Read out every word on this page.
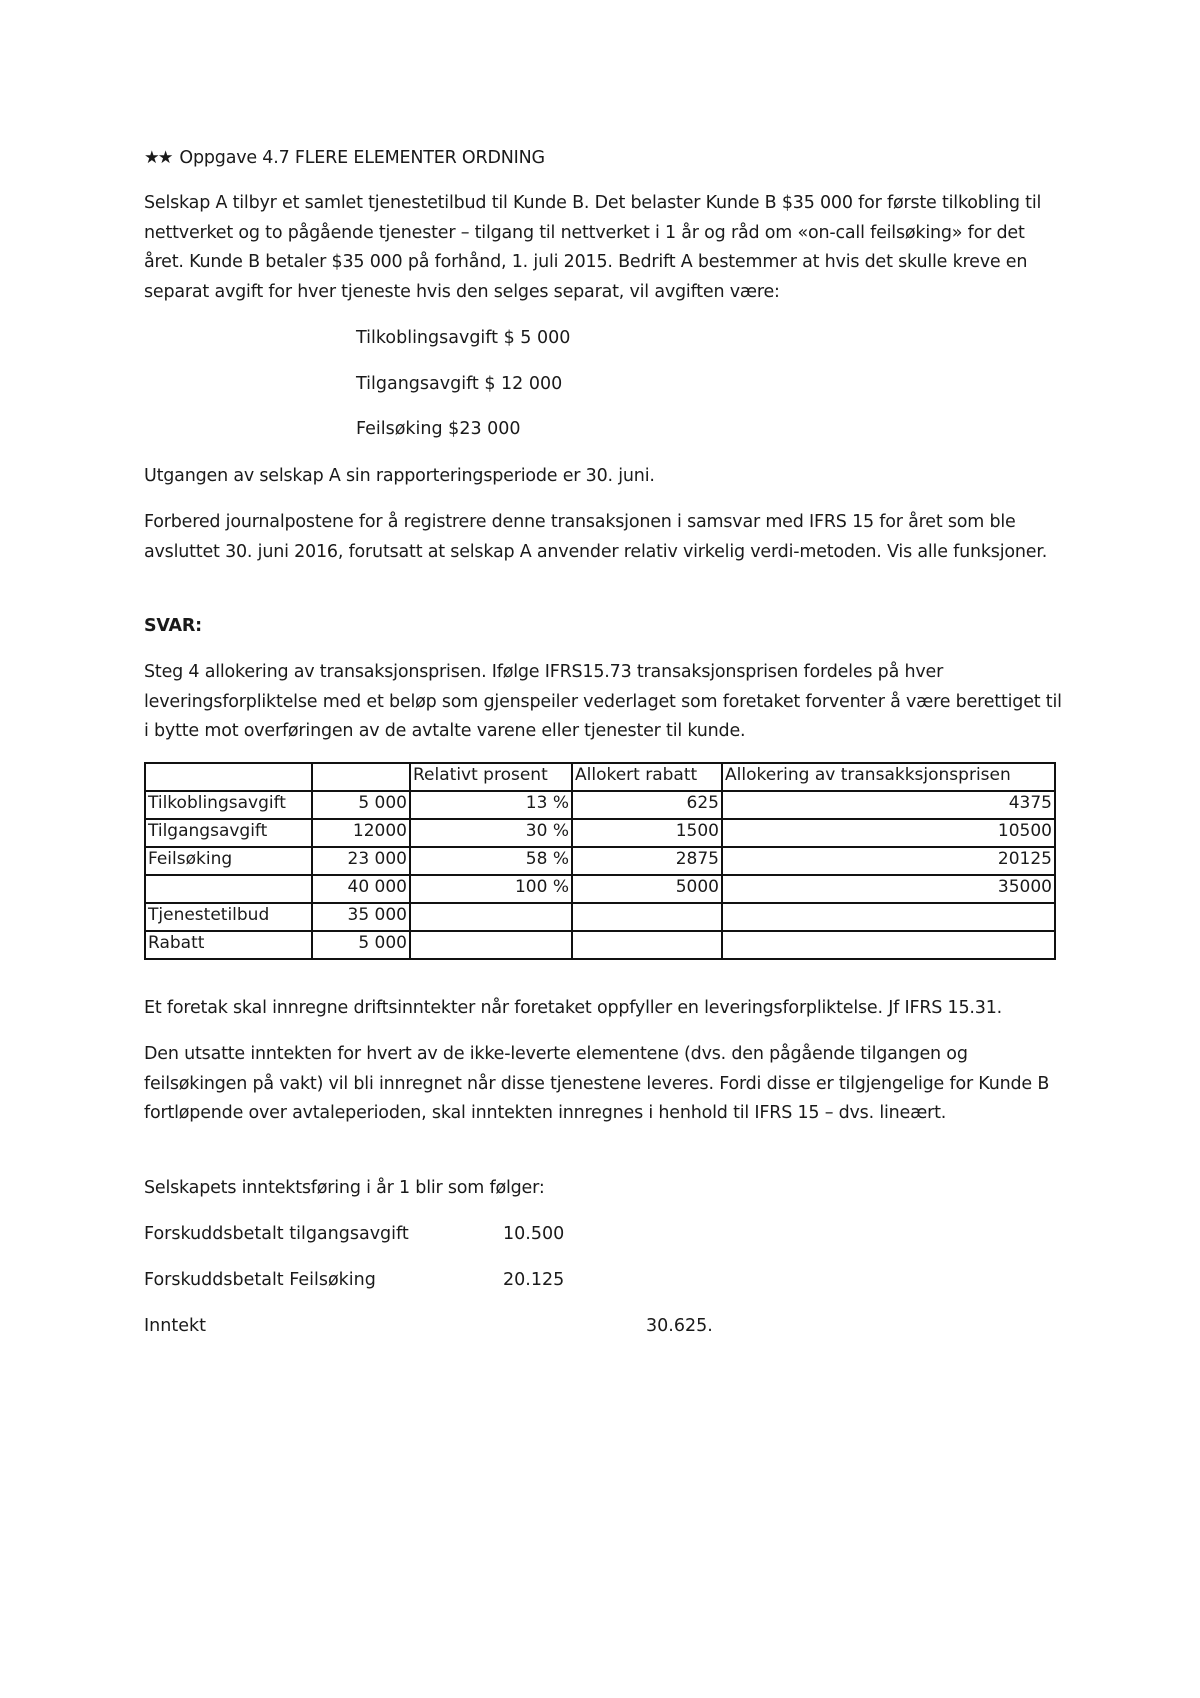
★★ Oppgave 4.7 FLERE ELEMENTER ORDNING

Selskap A tilbyr et samlet tjenestetilbud til Kunde B. Det belaster Kunde B $35 000 for første tilkobling til nettverket og to pågående tjenester – tilgang til nettverket i 1 år og råd om «on-call feilsøking» for det året. Kunde B betaler $35 000 på forhånd, 1. juli 2015. Bedrift A bestemmer at hvis det skulle kreve en separat avgift for hver tjeneste hvis den selges separat, vil avgiften være:

Tilkoblingsavgift $ 5 000

Tilgangsavgift $ 12 000

Feilsøking $23 000

Utgangen av selskap A sin rapporteringsperiode er 30. juni.

Forbered journalpostene for å registrere denne transaksjonen i samsvar med IFRS 15 for året som ble avsluttet 30. juni 2016, forutsatt at selskap A anvender relativ virkelig verdi-metoden. Vis alle funksjoner.

SVAR:

Steg 4 allokering av transaksjonsprisen. Ifølge IFRS15.73 transaksjonsprisen fordeles på hver leveringsforpliktelse med et beløp som gjenspeiler vederlaget som foretaket forventer å være berettiget til i bytte mot overføringen av de avtalte varene eller tjenester til kunde.

		Relativt prosent	Allokert rabatt	Allokering av transakksjonsprisen
Tilkoblingsavgift	5 000	13 %	625	4375
Tilgangsavgift	12000	30 %	1500	10500
Feilsøking	23 000	58 %	2875	20125
	40 000	100 %	5000	35000
Tjenestetilbud	35 000			
Rabatt	5 000			

Et foretak skal innregne driftsinntekter når foretaket oppfyller en leveringsforpliktelse. Jf IFRS 15.31.

Den utsatte inntekten for hvert av de ikke-leverte elementene (dvs. den pågående tilgangen og feilsøkingen på vakt) vil bli innregnet når disse tjenestene leveres. Fordi disse er tilgjengelige for Kunde B fortløpende over avtaleperioden, skal inntekten innregnes i henhold til IFRS 15 – dvs. lineært.

Selskapets inntektsføring i år 1 blir som følger:

Forskuddsbetalt tilgangsavgift	10.500

Forskuddsbetalt Feilsøking	20.125

Inntekt	30.625.
